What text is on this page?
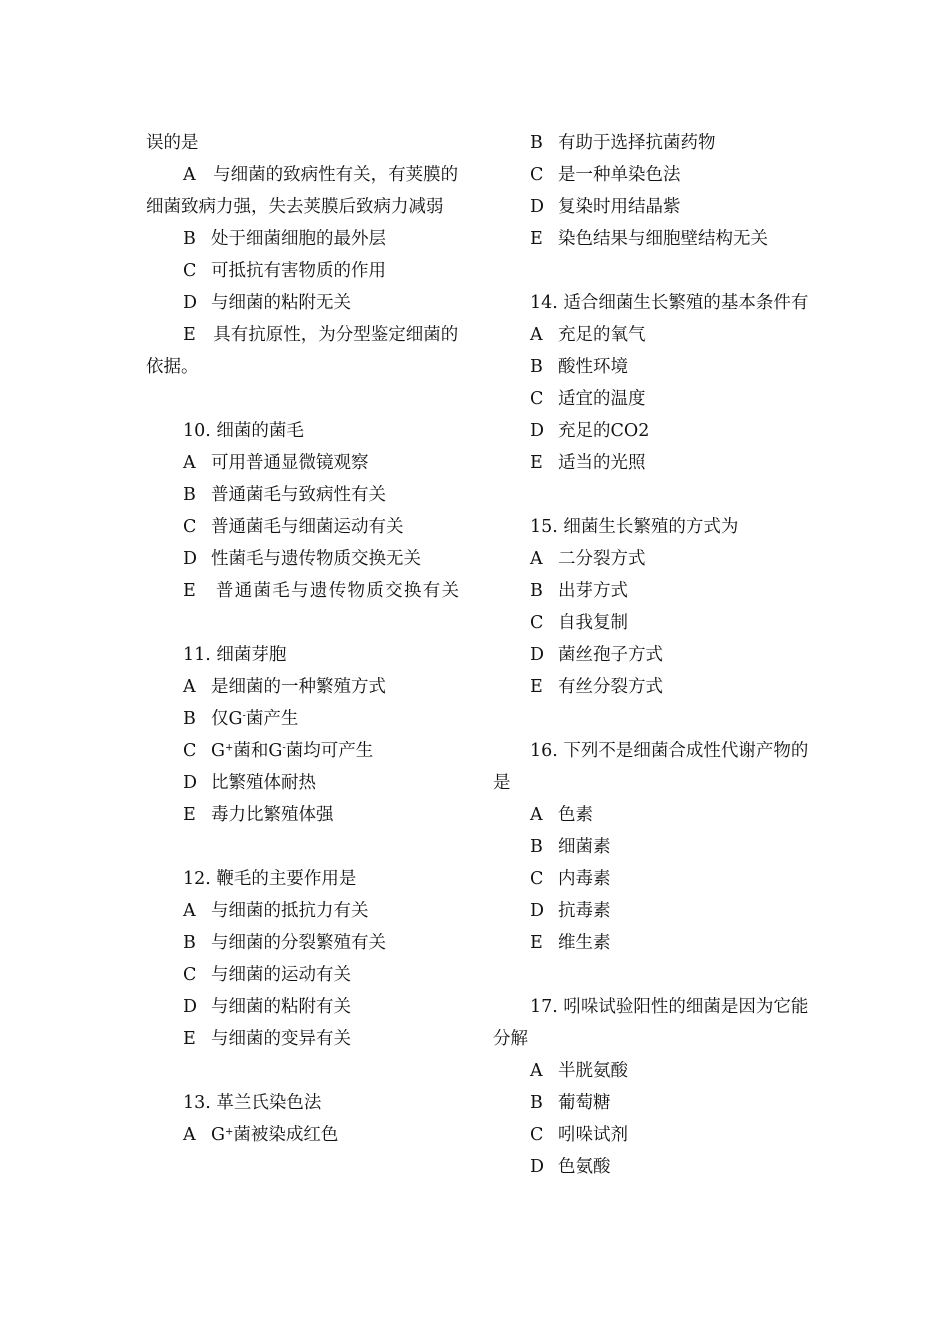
误的是
A  与细菌的致病性有关，有荚膜的细菌致病力强，失去荚膜后致病力减弱
B 处于细菌细胞的最外层
C 可抵抗有害物质的作用
D 与细菌的粘附无关
E  具有抗原性，为分型鉴定细菌的依据。
10. 细菌的菌毛
A 可用普通显微镜观察
B 普通菌毛与致病性有关
C 普通菌毛与细菌运动有关
D 性菌毛与遗传物质交换无关
E  普通菌毛与遗传物质交换有关
11. 细菌芽胞
A 是细菌的一种繁殖方式
B 仅G-菌产生
C G+菌和G-菌均可产生
D 比繁殖体耐热
E 毒力比繁殖体强
12. 鞭毛的主要作用是
A 与细菌的抵抗力有关
B 与细菌的分裂繁殖有关
C 与细菌的运动有关
D 与细菌的粘附有关
E 与细菌的变异有关
13. 革兰氏染色法
A G+菌被染成红色
B 有助于选择抗菌药物
C 是一种单染色法
D 复染时用结晶紫
E 染色结果与细胞壁结构无关
14. 适合细菌生长繁殖的基本条件有
A 充足的氧气
B 酸性环境
C 适宜的温度
D 充足的CO2
E 适当的光照
15. 细菌生长繁殖的方式为
A 二分裂方式
B 出芽方式
C 自我复制
D 菌丝孢子方式
E 有丝分裂方式
16. 下列不是细菌合成性代谢产物的是
A 色素
B 细菌素
C 内毒素
D 抗毒素
E 维生素
17. 吲哚试验阳性的细菌是因为它能分解
A 半胱氨酸
B 葡萄糖
C 吲哚试剂
D 色氨酸
